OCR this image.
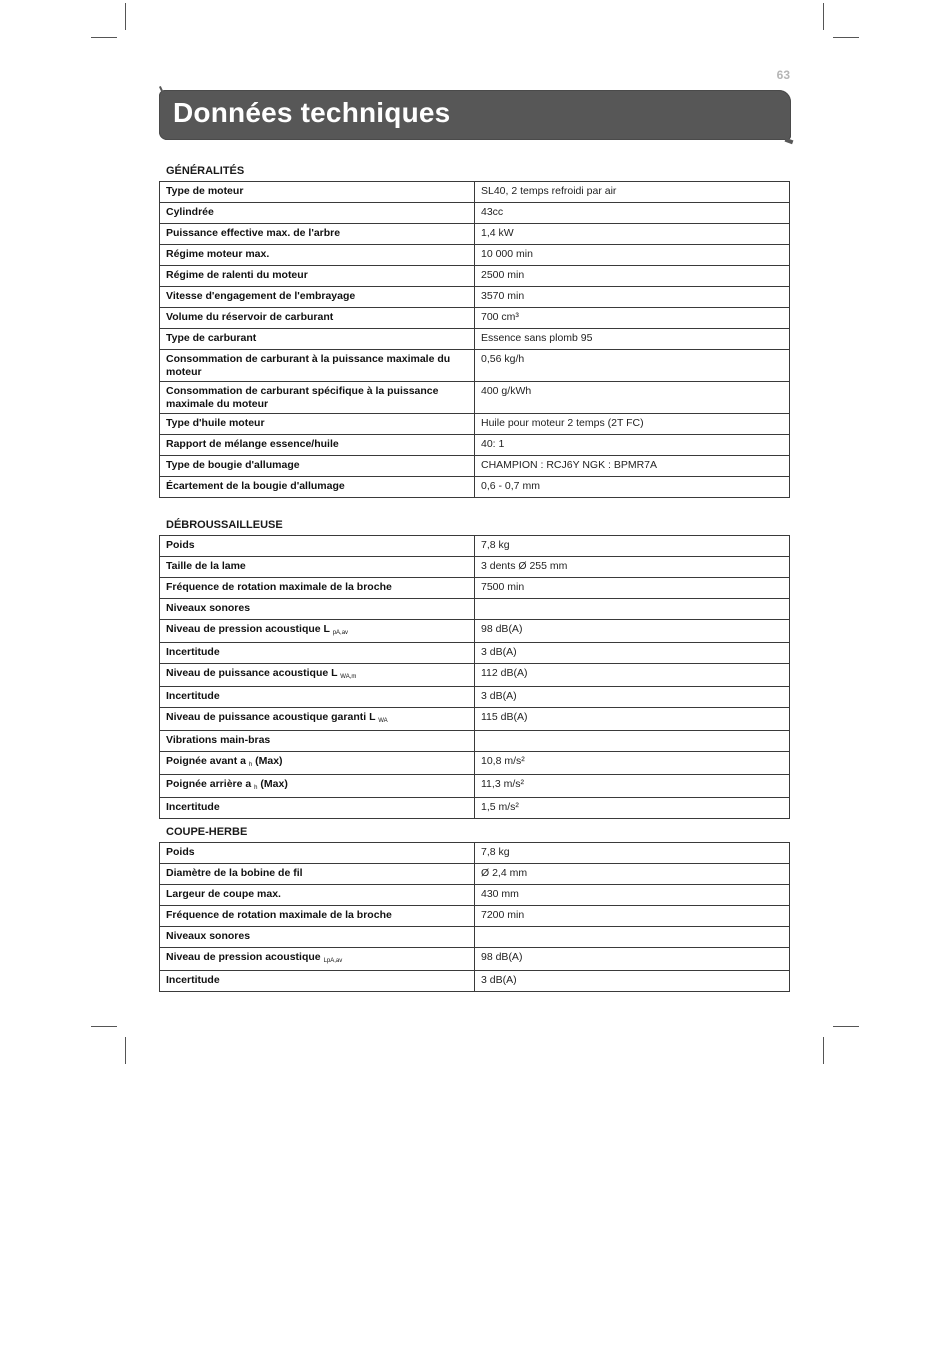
63
Données techniques
GÉNÉRALITÉS
Type de moteur	SL40, 2 temps refroidi par air
Cylindrée	43cc
Puissance effective max. de l'arbre	1,4 kW
Régime moteur max.	10 000 min
Régime de ralenti du moteur	2500 min
Vitesse d'engagement de l'embrayage	3570 min
Volume du réservoir de carburant	700 cm³
Type de carburant	Essence sans plomb 95
Consommation de carburant à la puissance maximale du moteur	0,56 kg/h
Consommation de carburant spécifique à la puissance maximale du moteur	400 g/kWh
Type d'huile moteur	Huile pour moteur 2 temps (2T FC)
Rapport de mélange essence/huile	40: 1
Type de bougie d'allumage	CHAMPION : RCJ6Y NGK : BPMR7A
Écartement de la bougie d'allumage	0,6 - 0,7 mm
DÉBROUSSAILLEUSE
Poids	7,8 kg
Taille de la lame	3 dents Ø 255 mm
Fréquence de rotation maximale de la broche	7500 min
Niveaux sonores	
Niveau de pression acoustique L $_{pA,av}$	98 dB(A)
Incertitude	3 dB(A)
Niveau de puissance acoustique L $_{WA,m}$	112 dB(A)
Incertitude	3 dB(A)
Niveau de puissance acoustique garanti L $_{WA}$	115 dB(A)
Vibrations main-bras	
Poignée avant a $_h$ (Max)	10,8 m/s²
Poignée arrière a $_h$ (Max)	11,3 m/s²
Incertitude	1,5 m/s²
COUPE-HERBE
Poids	7,8 kg
Diamètre de la bobine de fil	Ø 2,4 mm
Largeur de coupe max.	430 mm
Fréquence de rotation maximale de la broche	7200 min
Niveaux sonores	
Niveau de pression acoustique $_{LpA,av}$	98 dB(A)
Incertitude	3 dB(A)
